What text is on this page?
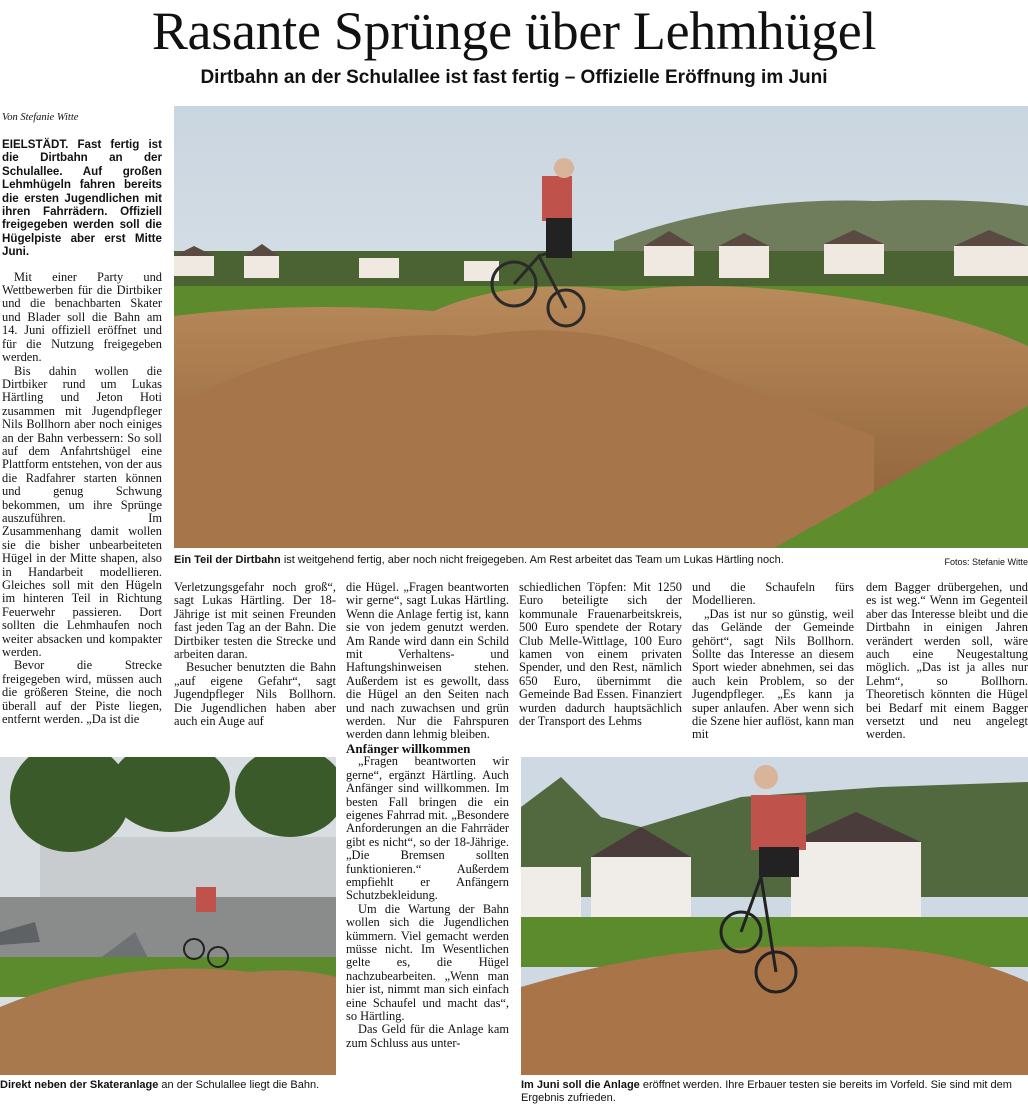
Rasante Sprünge über Lehmhügel
Dirtbahn an der Schulallee ist fast fertig – Offizielle Eröffnung im Juni
Von Stefanie Witte

EIELSTÄDT. Fast fertig ist die Dirtbahn an der Schulallee. Auf großen Lehmhügeln fahren bereits die ersten Jugendlichen mit ihren Fahrrädern. Offiziell freigegeben werden soll die Hügelpiste aber erst Mitte Juni.

Mit einer Party und Wettbewerben für die Dirtbiker und die benachbarten Skater und Blader soll die Bahn am 14. Juni offiziell eröffnet und für die Nutzung freigegeben werden.

Bis dahin wollen die Dirtbiker rund um Lukas Härtling und Jeton Hoti zusammen mit Jugendpfleger Nils Bollhorn aber noch einiges an der Bahn verbessern: So soll auf dem Anfahrtshügel eine Plattform entstehen, von der aus die Radfahrer starten können und genug Schwung bekommen, um ihre Sprünge auszuführen. Im Zusammenhang damit wollen sie die bisher unbearbeiteten Hügel in der Mitte shapen, also in Handarbeit modellieren. Gleiches soll mit den Hügeln im hinteren Teil in Richtung Feuerwehr passieren. Dort sollten die Lehmhaufen noch weiter absacken und kompakter werden.

Bevor die Strecke freigegeben wird, müssen auch die größeren Steine, die noch überall auf der Piste liegen, entfernt werden. „Da ist die

Ein Teil der Dirtbahn ist weitgehend fertig, aber noch nicht freigegeben. Am Rest arbeitet das Team um Lukas Härtling noch.	Fotos: Stefanie Witte

Verletzungsgefahr noch groß“, sagt Lukas Härtling. Der 18-Jährige ist mit seinen Freunden fast jeden Tag an der Bahn. Die Dirtbiker testen die Strecke und arbeiten daran.

Besucher benutzten die Bahn „auf eigene Gefahr“, sagt Jugendpfleger Nils Bollhorn. Die Jugendlichen haben aber auch ein Auge auf

die Hügel. „Fragen beantworten wir gerne“, sagt Lukas Härtling. Wenn die Anlage fertig ist, kann sie von jedem genutzt werden. Am Rande wird dann ein Schild mit Verhaltens- und Haftungshinweisen stehen. Außerdem ist es gewollt, dass die Hügel an den Seiten nach und nach zuwachsen und grün werden. Nur die Fahrspuren werden dann lehmig bleiben.

Anfänger willkommen

„Fragen beantworten wir gerne“, ergänzt Härtling. Auch Anfänger sind willkommen. Im besten Fall bringen die ein eigenes Fahrrad mit. „Besondere Anforderungen an die Fahrräder gibt es nicht“, so der 18-Jährige. „Die Bremsen sollten funktionieren.“ Außerdem empfiehlt er Anfängern Schutzbekleidung.

Um die Wartung der Bahn wollen sich die Jugendlichen kümmern. Viel gemacht werden müsse nicht. Im Wesentlichen gelte es, die Hügel nachzubearbeiten. „Wenn man hier ist, nimmt man sich einfach eine Schaufel und macht das“, so Härtling.

Das Geld für die Anlage kam zum Schluss aus unter-

schiedlichen Töpfen: Mit 1250 Euro beteiligte sich der kommunale Frauenarbeitskreis, 500 Euro spendete der Rotary Club Melle-Wittlage, 100 Euro kamen von einem privaten Spender, und den Rest, nämlich 650 Euro, übernimmt die Gemeinde Bad Essen. Finanziert wurden dadurch hauptsächlich der Transport des Lehms

und die Schaufeln fürs Modellieren.

„Das ist nur so günstig, weil das Gelände der Gemeinde gehört“, sagt Nils Bollhorn. Sollte das Interesse an diesem Sport wieder abnehmen, sei das auch kein Problem, so der Jugendpfleger. „Es kann ja super anlaufen. Aber wenn sich die Szene hier auflöst, kann man mit

dem Bagger drübergehen, und es ist weg.“ Wenn im Gegenteil aber das Interesse bleibt und die Dirtbahn in einigen Jahren verändert werden soll, wäre auch eine Neugestaltung möglich. „Das ist ja alles nur Lehm“, so Bollhorn. Theoretisch könnten die Hügel bei Bedarf mit einem Bagger versetzt und neu angelegt werden.

Direkt neben der Skateranlage an der Schulallee liegt die Bahn.	Im Juni soll die Anlage eröffnet werden. Ihre Erbauer testen sie bereits im Vorfeld. Sie sind mit dem Ergebnis zufrieden.
